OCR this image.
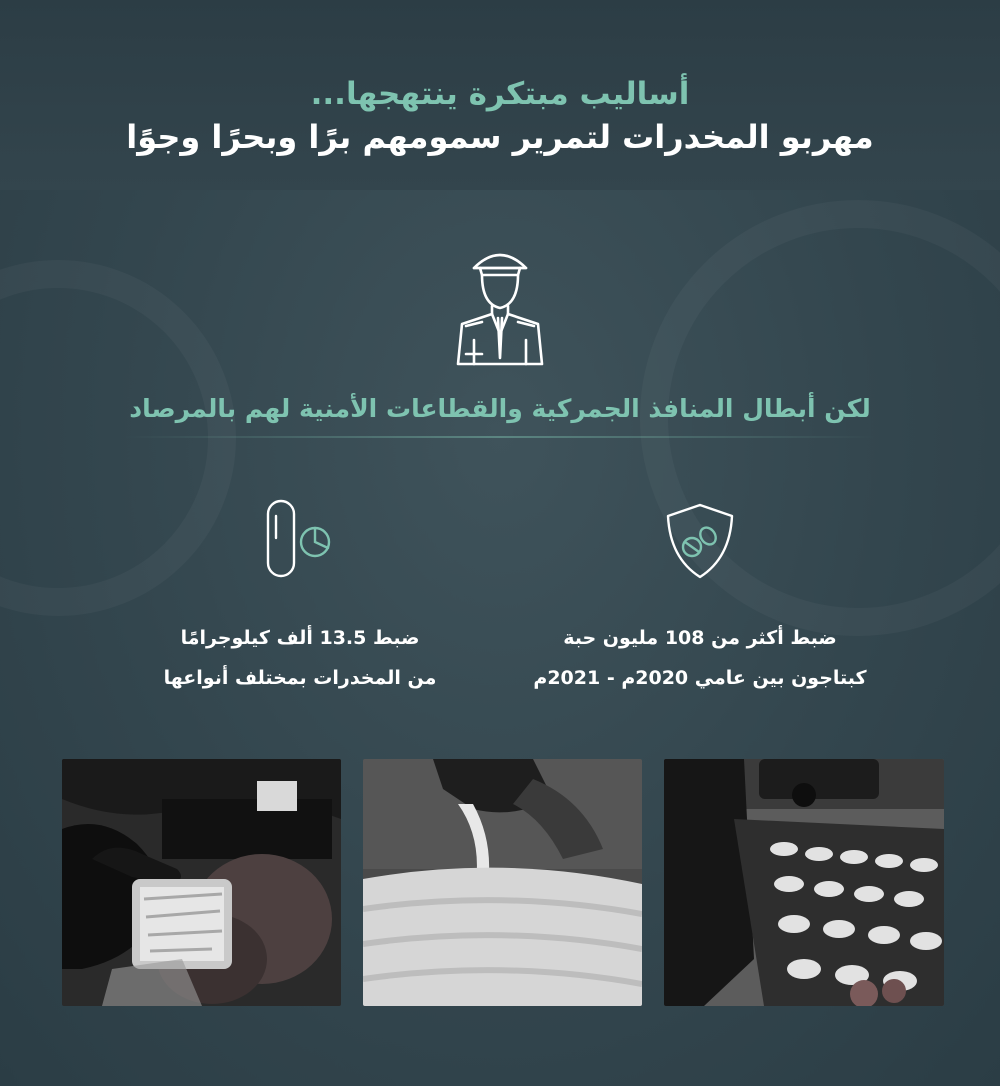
أساليب مبتكرة ينتهجها...
مهربو المخدرات لتمرير سمومهم برًا وبحرًا وجوًا
لكن أبطال المنافذ الجمركية والقطاعات الأمنية لهم بالمرصاد
ضبط أكثر من 108 مليون حبة
كبتاجون بين عامي 2020م - 2021م
ضبط 13.5 ألف كيلوجرامًا
من المخدرات بمختلف أنواعها
